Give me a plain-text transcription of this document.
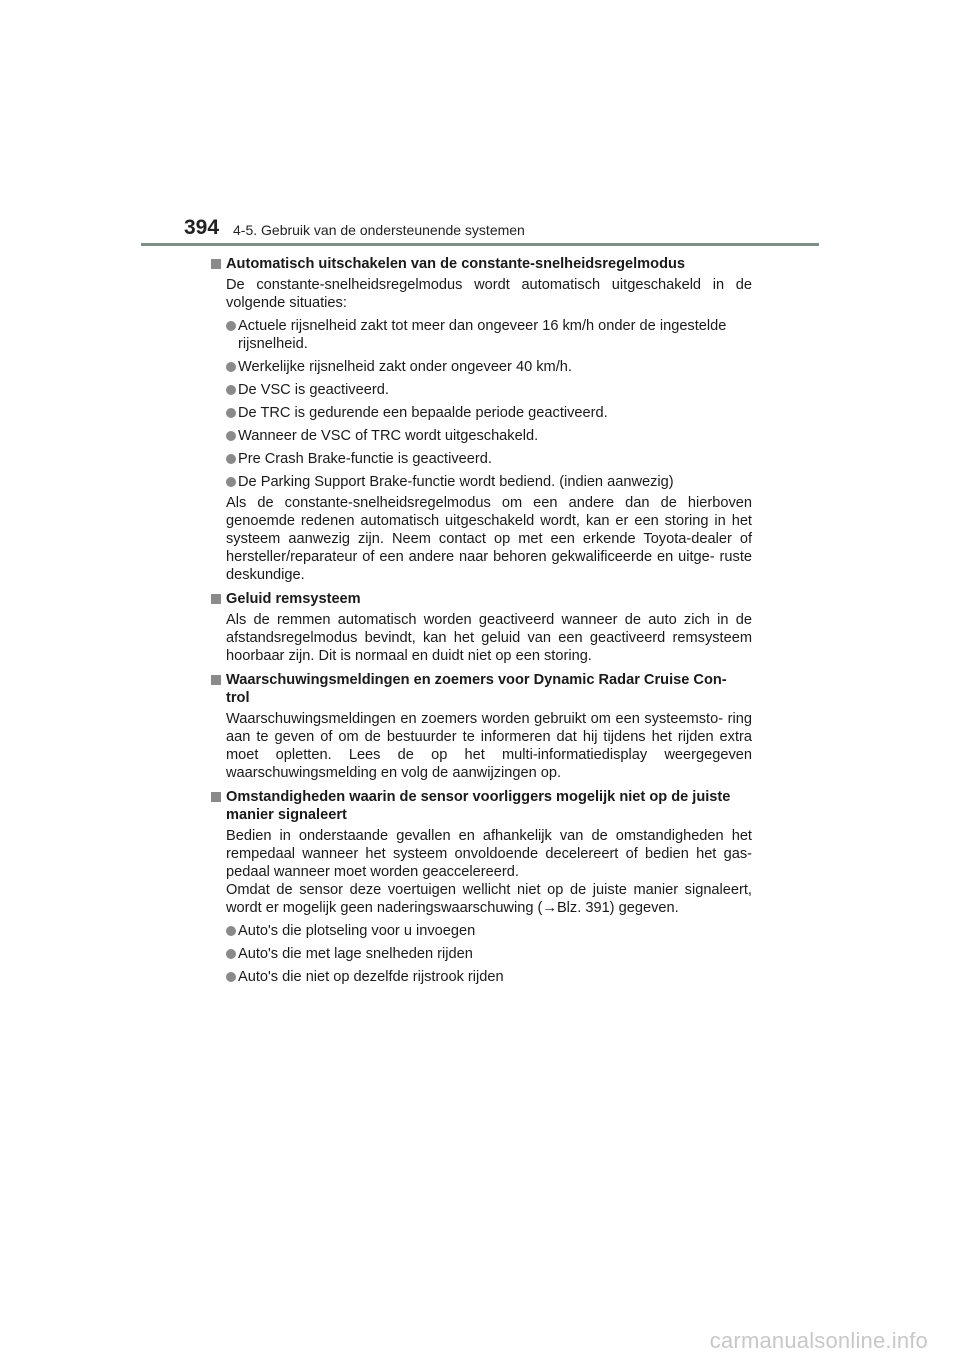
394 4-5. Gebruik van de ondersteunende systemen
Automatisch uitschakelen van de constante-snelheidsregelmodus
De constante-snelheidsregelmodus wordt automatisch uitgeschakeld in de volgende situaties:
Actuele rijsnelheid zakt tot meer dan ongeveer 16 km/h onder de ingestelde rijsnelheid.
Werkelijke rijsnelheid zakt onder ongeveer 40 km/h.
De VSC is geactiveerd.
De TRC is gedurende een bepaalde periode geactiveerd.
Wanneer de VSC of TRC wordt uitgeschakeld.
Pre Crash Brake-functie is geactiveerd.
De Parking Support Brake-functie wordt bediend. (indien aanwezig)
Als de constante-snelheidsregelmodus om een andere dan de hierboven genoemde redenen automatisch uitgeschakeld wordt, kan er een storing in het systeem aanwezig zijn. Neem contact op met een erkende Toyota-dealer of hersteller/reparateur of een andere naar behoren gekwalificeerde en uitge- ruste deskundige.
Geluid remsysteem
Als de remmen automatisch worden geactiveerd wanneer de auto zich in de afstandsregelmodus bevindt, kan het geluid van een geactiveerd remsysteem hoorbaar zijn. Dit is normaal en duidt niet op een storing.
Waarschuwingsmeldingen en zoemers voor Dynamic Radar Cruise Con- trol
Waarschuwingsmeldingen en zoemers worden gebruikt om een systeemsto- ring aan te geven of om de bestuurder te informeren dat hij tijdens het rijden extra moet opletten. Lees de op het multi-informatiedisplay weergegeven waarschuwingsmelding en volg de aanwijzingen op.
Omstandigheden waarin de sensor voorliggers mogelijk niet op de juiste manier signaleert
Bedien in onderstaande gevallen en afhankelijk van de omstandigheden het rempedaal wanneer het systeem onvoldoende decelereert of bedien het gas- pedaal wanneer moet worden geaccelereerd.
Omdat de sensor deze voertuigen wellicht niet op de juiste manier signaleert, wordt er mogelijk geen naderingswaarschuwing (→Blz. 391) gegeven.
Auto's die plotseling voor u invoegen
Auto's die met lage snelheden rijden
Auto's die niet op dezelfde rijstrook rijden
carmanualsonline.info
